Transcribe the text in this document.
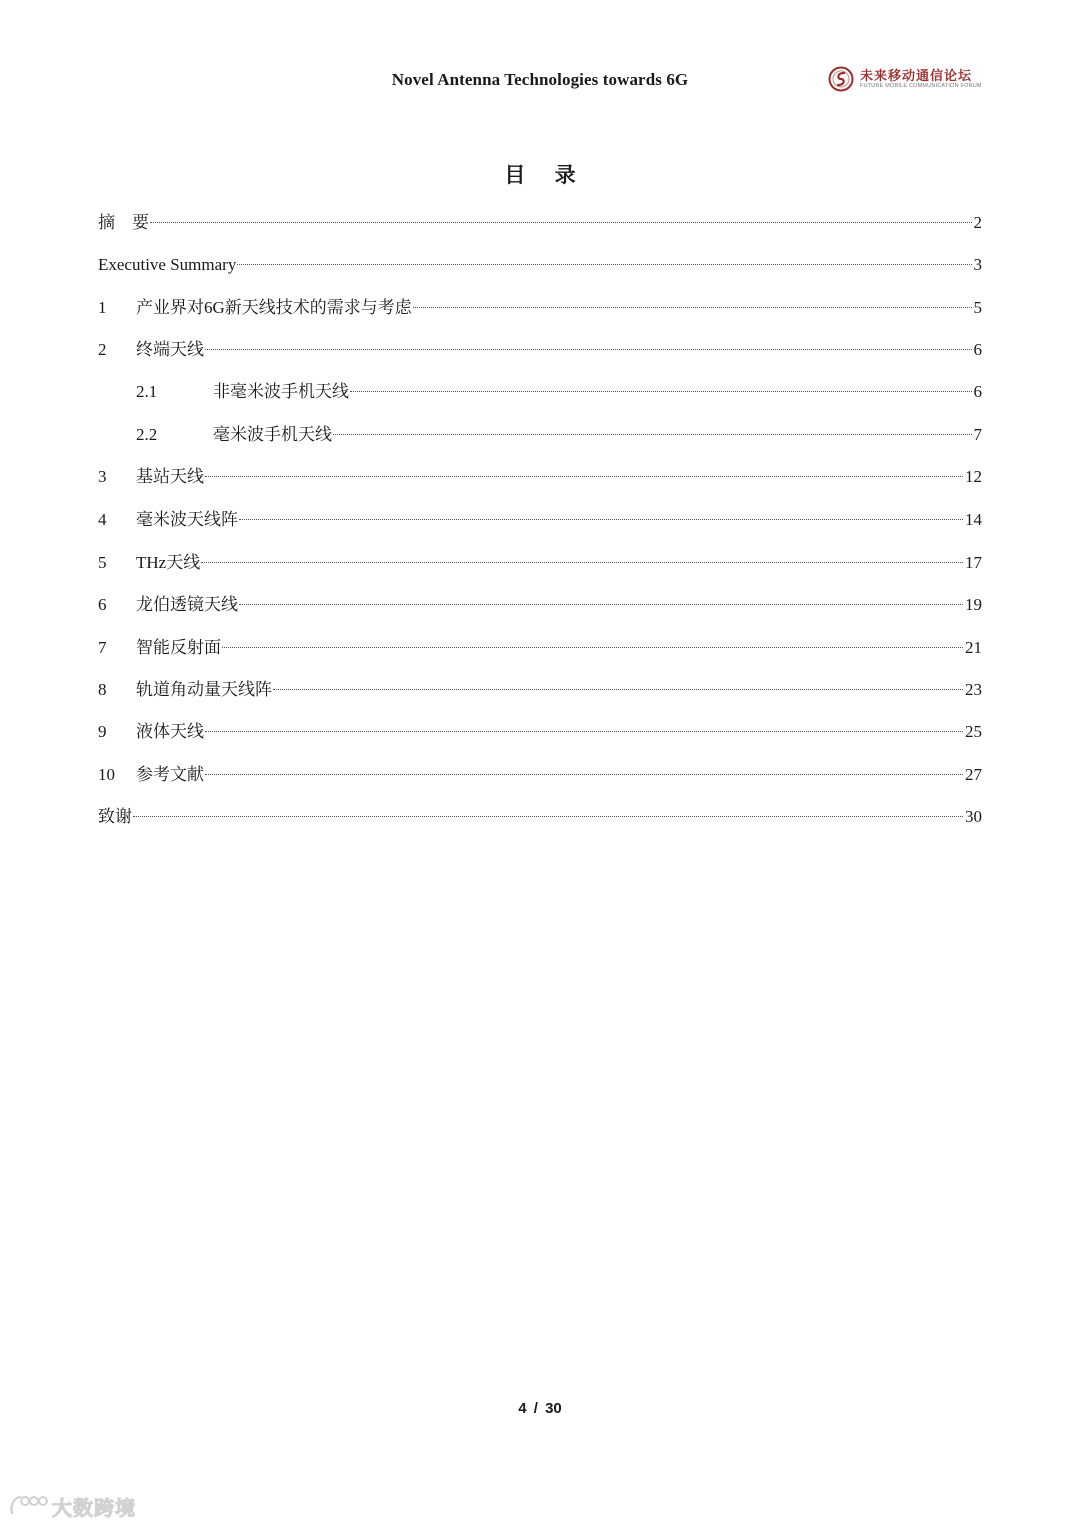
Novel Antenna Technologies towards 6G	未来移动通信论坛
FUTURE MOBILE COMMUNICATION FORUM
目 录
摘　要	2
Executive Summary	3
1	产业界对6G新天线技术的需求与考虑	5
2	终端天线	6
2.1	非毫米波手机天线	6
2.2	毫米波手机天线	7
3	基站天线	12
4	毫米波天线阵	14
5	THz天线	17
6	龙伯透镜天线	19
7	智能反射面	21
8	轨道角动量天线阵	23
9	液体天线	25
10	参考文献	27
致谢	30
4 / 30
大数跨境
